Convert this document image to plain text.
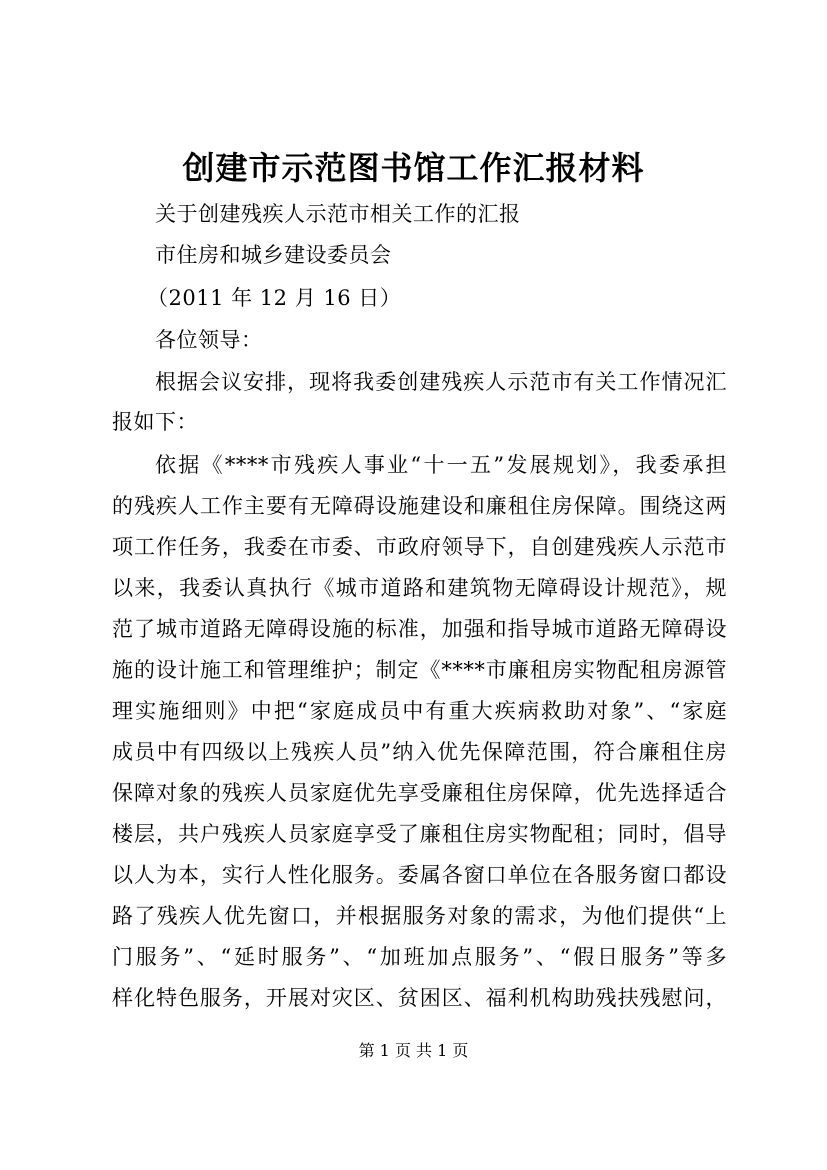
创建市示范图书馆工作汇报材料
关于创建残疾人示范市相关工作的汇报
市住房和城乡建设委员会
（2011 年 12 月 16 日）
各位领导：
根据会议安排，现将我委创建残疾人示范市有关工作情况汇
报如下：
依据《****市残疾人事业“十一五”发展规划》，我委承担
的残疾人工作主要有无障碍设施建设和廉租住房保障。围绕这两
项工作任务，我委在市委、市政府领导下，自创建残疾人示范市
以来，我委认真执行《城市道路和建筑物无障碍设计规范》，规
范了城市道路无障碍设施的标准，加强和指导城市道路无障碍设
施的设计施工和管理维护；制定《****市廉租房实物配租房源管
理实施细则》中把“家庭成员中有重大疾病救助对象”、“家庭
成员中有四级以上残疾人员”纳入优先保障范围，符合廉租住房
保障对象的残疾人员家庭优先享受廉租住房保障，优先选择适合
楼层，共户残疾人员家庭享受了廉租住房实物配租；同时，倡导
以人为本，实行人性化服务。委属各窗口单位在各服务窗口都设
路了残疾人优先窗口，并根据服务对象的需求，为他们提供“上
门服务”、“延时服务”、“加班加点服务”、“假日服务”等多
样化特色服务，开展对灾区、贫困区、福利机构助残扶残慰问，
第 1 页 共 1 页
